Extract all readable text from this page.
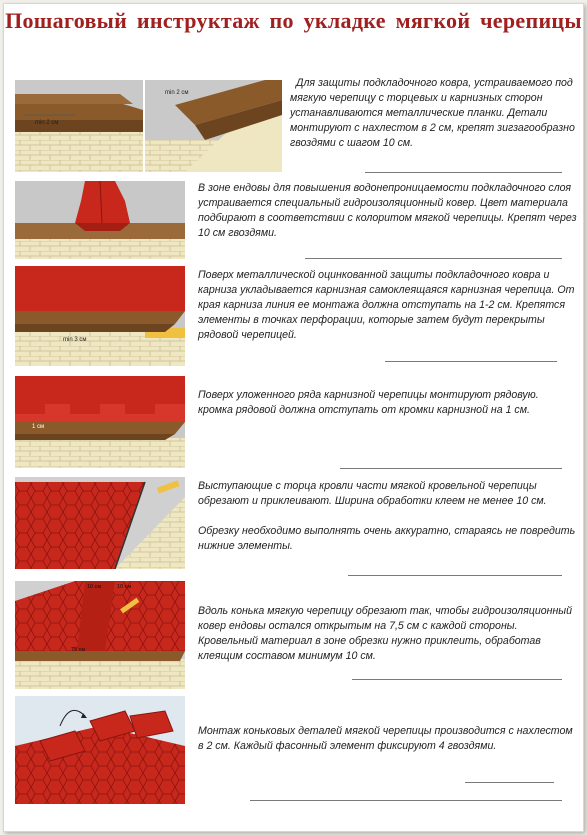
Пошаговый инструктаж по укладке мягкой черепицы
min 2 см
min 2 см
Для защиты подкладочного ковра, устраиваемого под мягкую черепицу с торцевых и карнизных сторон устанавливаются металлические планки. Детали монтируют с нахлестом в 2 см, крепят зигзагообразно гвоздями с шагом 10 см.
В зоне ендовы для повышения водонепроницаемости подкладочного слоя устраивается специальный гидроизоляционный ковер. Цвет материала подбирают в соответствии с колоритом мягкой черепицы. Крепят через 10 см гвоздями.
min 3 см
Поверх металлической оцинкованной защиты подкладочного ковра и карниза укладывается карнизная самоклеящаяся карнизная черепица. От края карниза линия ее монтажа должна отступать на 1-2 см. Крепятся элементы в точках перфорации, которые затем будут перекрыты рядовой черепицей.
1 см
Поверх уложенного ряда карнизной черепицы монтируют рядовую. кромка рядовой должна отступать от кромки карнизной на 1 см.

Выступающие с торца кровли части мягкой кровельной черепицы обрезают и приклеивают. Ширина обработки клеем не менее 10 см.

Обрезку необходимо выполнять очень аккуратно, стараясь не повредить нижние элементы.

10 см	10 см
75 см
Вдоль конька мягкую черепицу обрезают так, чтобы гидроизоляционный ковер ендовы остался открытым на 7,5 см с каждой стороны. Кровельный материал в зоне обрезки нужно приклеить, обработав клеящим составом минимум 10 см.
Монтаж коньковых деталей мягкой черепицы производится с нахлестом в 2 см. Каждый фасонный элемент фиксируют 4 гвоздями.
